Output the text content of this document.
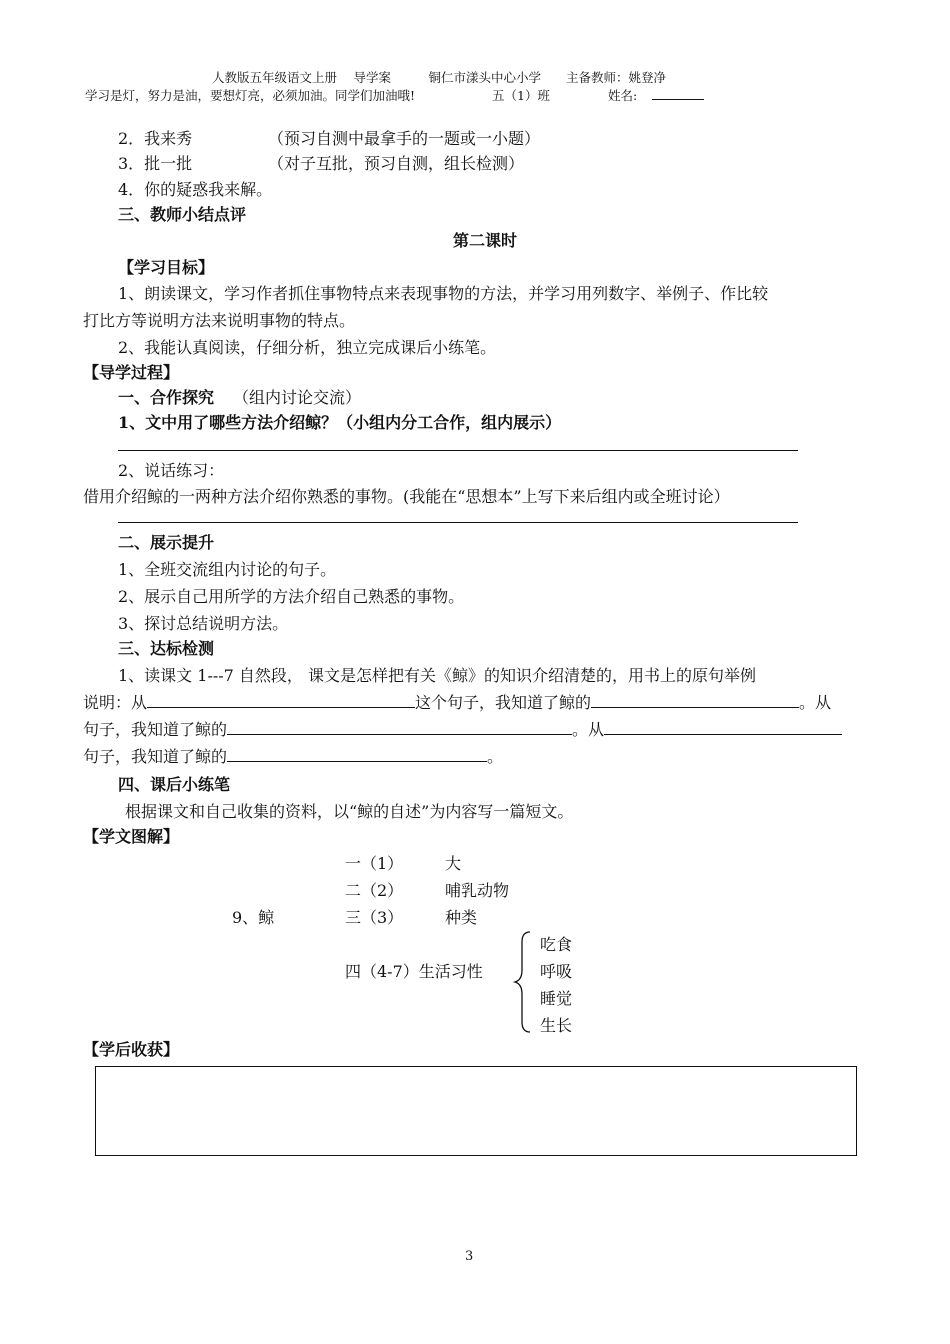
人教版五年级语文上册　 导学案　　　铜仁市漾头中心小学　　主备教师：姚登净
学习是灯，努力是油，要想灯亮，必须加油。同学们加油哦!	五（1）班	姓名:
2．我来秀	（预习自测中最拿手的一题或一小题）
3．批一批	（对子互批，预习自测，组长检测）
4．你的疑惑我来解。
三、教师小结点评
第二课时
【学习目标】
1、朗读课文，学习作者抓住事物特点来表现事物的方法，并学习用列数字、举例子、作比较
打比方等说明方法来说明事物的特点。
2、我能认真阅读，仔细分析，独立完成课后小练笔。
【导学过程】
一、合作探究 （组内讨论交流）
1、文中用了哪些方法介绍鲸？（小组内分工合作，组内展示）
2、说话练习：
借用介绍鲸的一两种方法介绍你熟悉的事物。(我能在“思想本”上写下来后组内或全班讨论）
二、展示提升
1、全班交流组内讨论的句子。
2、展示自己用所学的方法介绍自己熟悉的事物。
3、探讨总结说明方法。
三、达标检测
1、读课文 1---7 自然段， 课文是怎样把有关《鲸》的知识介绍清楚的，用书上的原句举例
说明：从	这个句子，我知道了鲸的	。从
句子，我知道了鲸的	。从
句子，我知道了鲸的	。
四、课后小练笔
根据课文和自己收集的资料，以“鲸的自述”为内容写一篇短文。
【学文图解】
一（1）	大
二（2）	哺乳动物
9、鲸	三（3）	种类
四（4-7）生活习性
吃食
呼吸
睡觉
生长
【学后收获】
3
